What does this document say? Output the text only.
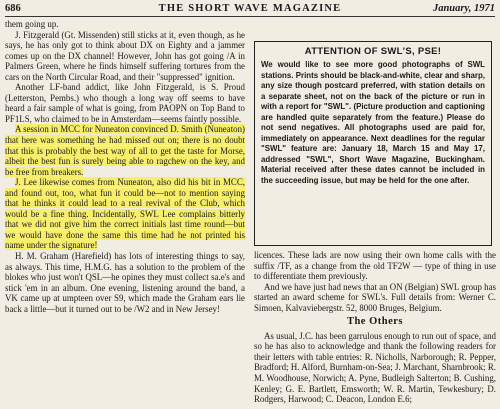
686	THE SHORT WAVE MAGAZINE	January, 1971

them going up.

J. Fitzgerald (Gt. Missenden) still sticks at it, even though, as he says, he has only got to think about DX on Eighty and a jammer comes up on the DX channel! However, John has got going /A in Palmers Green, where he finds himself suffering tortures from the cars on the North Circular Road, and their "suppressed" ignition.

Another LF-band addict, like John Fitzgerald, is S. Proud (Letterston, Pembs.) who though a long way off seems to have heard a fair sample of what is going, from PAOPN on Top Band to PF1LS, who claimed to be in Amsterdam—seems faintly possible.

A session in MCC for Nuneaton convinced D. Smith (Nuneaton) that here was something he had missed out on; there is no doubt that this is probably the best way of all to get the taste for Morse, albeit the best fun is surely being able to ragchew on the key, and be free from breakers.

J. Lee likewise comes from Nuneaton, also did his bit in MCC, and found out, too, what fun it could be—not to mention saying that he thinks it could lead to a real revival of the Club, which would be a fine thing. Incidentally, SWL Lee complains bitterly that we did not give him the correct initials last time round—but we would have done the same this time had he not printed his name under the signature!

H. M. Graham (Harefield) has lots of interesting things to say, as always. This time, H.M.G. has a solution to the problem of the blokes who just won't QSL—he opines they must collect sa.e's and stick 'em in an album. One evening, listening around the band, a VK came up at umpteen over S9, which made the Graham ears lie back a little—but it turned out to be /W2 and in New Jersey!

ATTENTION OF SWL'S, PSE!
We would like to see more good photographs of SWL stations. Prints should be black-and-white, clear and sharp, any size though postcard preferred, with station details on a separate sheet, not on the back of the picture or run in with a report for "SWL". (Picture production and captioning are handled quite separately from the feature.) Please do not send negatives. All photographs used are paid for, immediately on appearance. Next deadlines for the regular "SWL" feature are: January 18, March 15 and May 17, addressed "SWL", Short Wave Magazine, Buckingham. Material received after these dates cannot be included in the succeeding issue, but may be held for the one after.

licences. These lads are now using their own home calls with the suffix /TF, as a change from the old TF2W — type of thing in use to differentiate them previously.

And we have just had news that an ON (Belgian) SWL group has started an award scheme for SWL's. Full details from: Werner C. Simoen, Kalvaviebergstr. 52, 8000 Bruges, Belgium.

The Others

As usual, J.C. has been garrulous enough to run out of space, and so he has also to acknowledge and thank the following readers for their letters with table entries: R. Nicholls, Narborough; R. Pepper, Bradford; H. Alford, Burnham-on-Sea; J. Marchant, Sharnbrook; R. M. Woodhouse, Norwich; A. Pyne, Budleigh Salterton; B. Cushing, Kenley; G. E. Bartlett, Emsworth; W. R. Martin, Tewkesbury; D. Rodgers, Harwood; C. Deacon, London E.6;
